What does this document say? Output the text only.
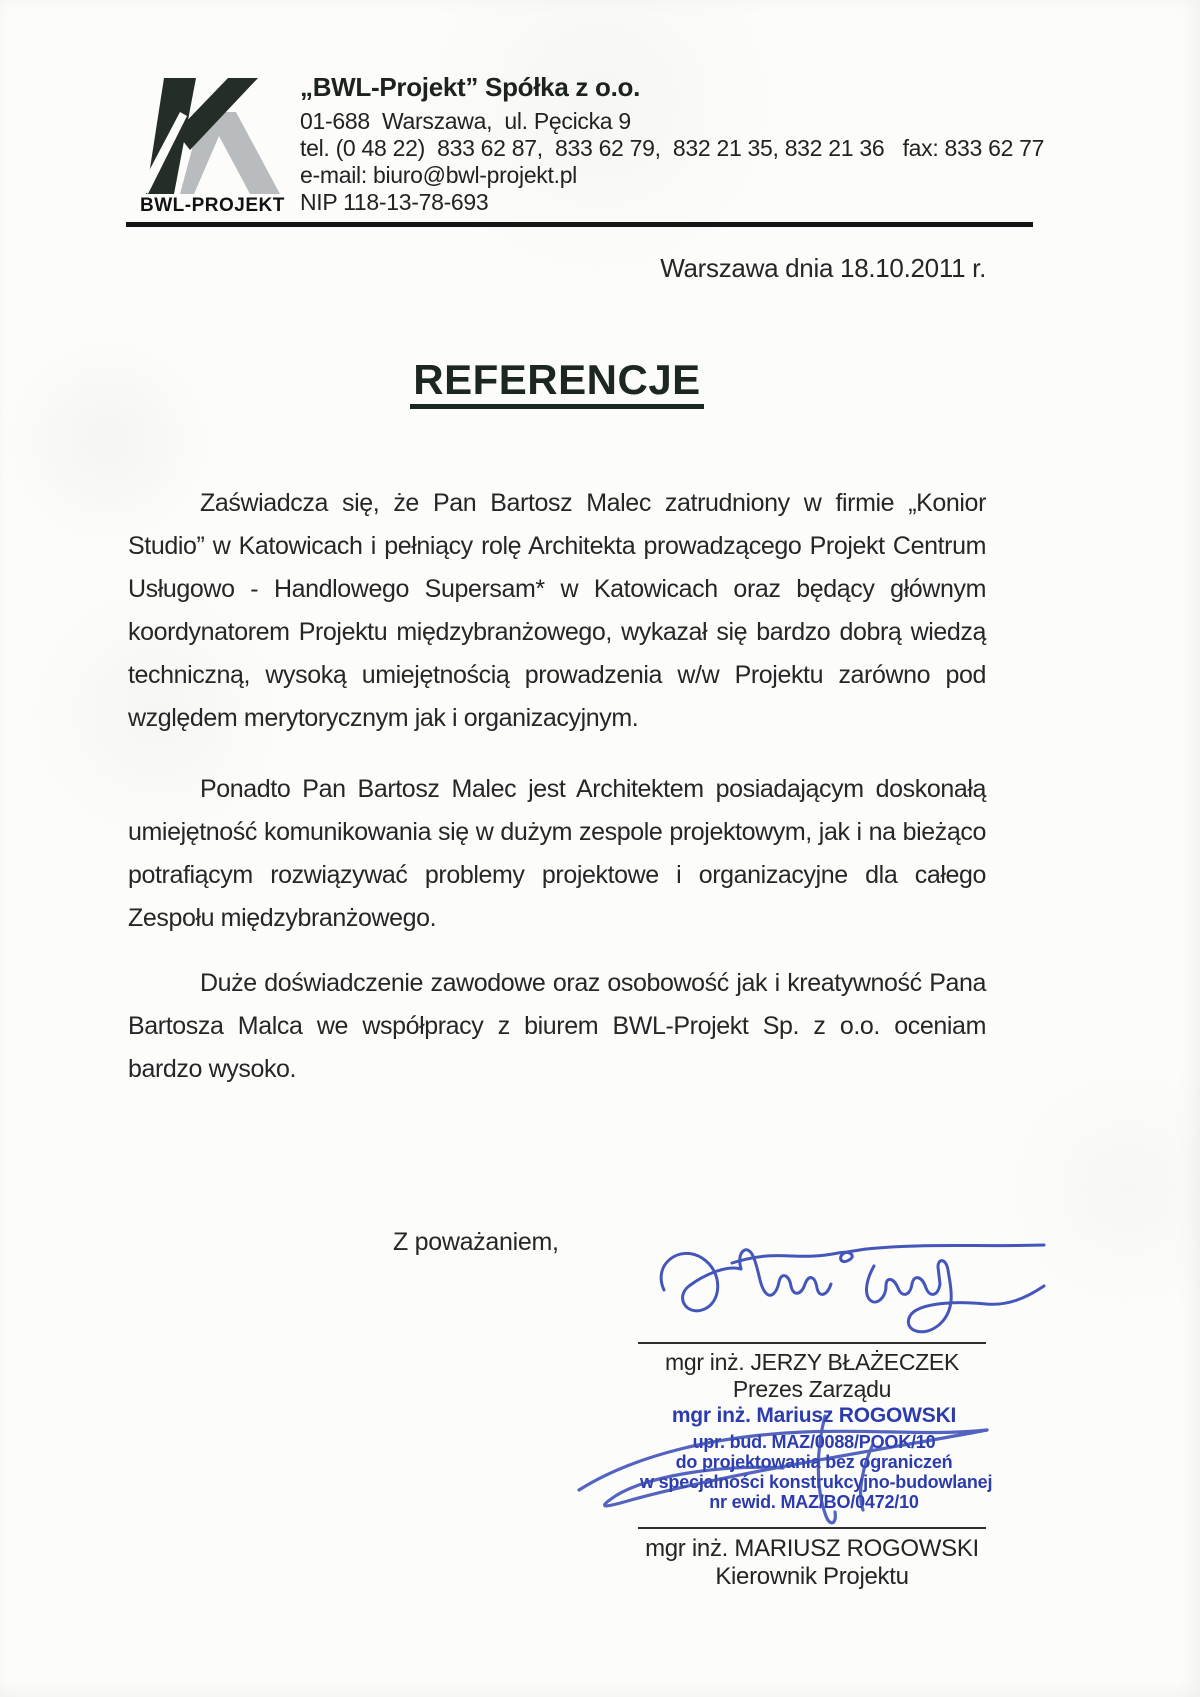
BWL-PROJEKT
„BWL-Projekt” Spółka z o.o.
01-688  Warszawa,  ul. Pęcicka 9
tel. (0 48 22)  833 62 87,  833 62 79,  832 21 35, 832 21 36   fax: 833 62 77
e-mail: biuro@bwl-projekt.pl
NIP 118-13-78-693
Warszawa dnia 18.10.2011 r.
REFERENCJE

Zaświadcza się, że Pan Bartosz Malec zatrudniony w firmie „Konior Studio” w Katowicach i pełniący rolę Architekta prowadzącego Projekt Centrum Usługowo - Handlowego Supersam* w Katowicach oraz będący głównym koordynatorem Projektu międzybranżowego, wykazał się bardzo dobrą wiedzą techniczną, wysoką umiejętnością prowadzenia w/w Projektu zarówno pod względem merytorycznym jak i organizacyjnym.

Ponadto Pan Bartosz Malec jest Architektem posiadającym doskonałą umiejętność komunikowania się w dużym zespole projektowym, jak i na bieżąco potrafiącym rozwiązywać problemy projektowe i organizacyjne dla całego Zespołu międzybranżowego.

Duże doświadczenie zawodowe oraz osobowość jak i kreatywność Pana Bartosza Malca we współpracy z biurem BWL-Projekt Sp. z o.o. oceniam bardzo wysoko.

Z poważaniem,
mgr inż. JERZY BŁAŻECZEK
Prezes Zarządu
mgr inż. Mariusz ROGOWSKI
upr. bud. MAZ/0088/POOK/10
do projektowania bez ograniczeń
w specjalności konstrukcyjno-budowlanej
nr ewid. MAZ/BO/0472/10
mgr inż. MARIUSZ ROGOWSKI
Kierownik Projektu
